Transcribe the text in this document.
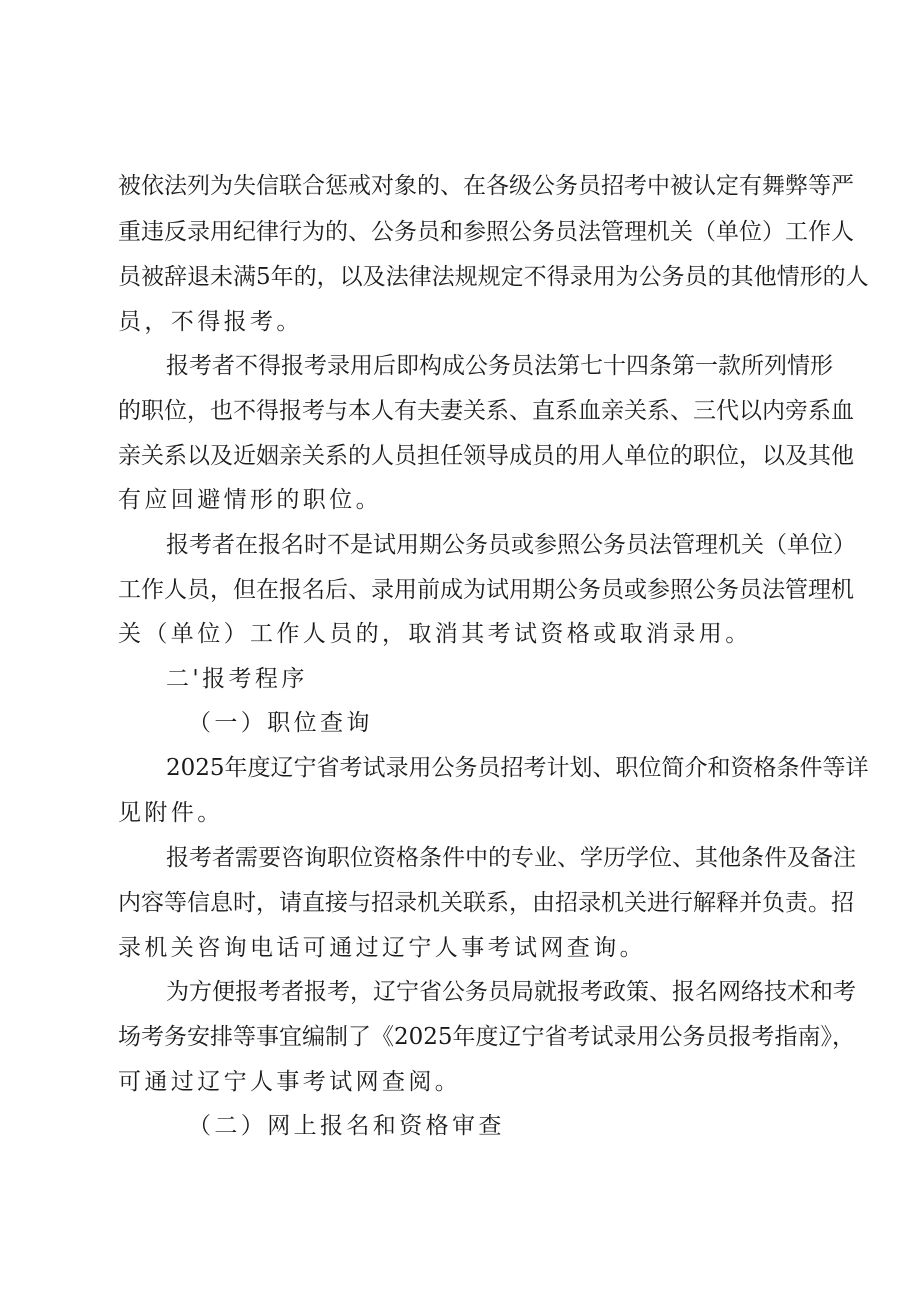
被依法列为失信联合惩戒对象的、在各级公务员招考中被认定有舞弊等严
重违反录用纪律行为的、公务员和参照公务员法管理机关（单位）工作人
员被辞退未满5年的，以及法律法规规定不得录用为公务员的其他情形的人
员，不得报考。
报考者不得报考录用后即构成公务员法第七十四条第一款所列情形
的职位，也不得报考与本人有夫妻关系、直系血亲关系、三代以内旁系血
亲关系以及近姻亲关系的人员担任领导成员的用人单位的职位，以及其他
有应回避情形的职位。
报考者在报名时不是试用期公务员或参照公务员法管理机关（单位）
工作人员，但在报名后、录用前成为试用期公务员或参照公务员法管理机
关（单位）工作人员的，取消其考试资格或取消录用。
二'报考程序
（一）职位查询
2025年度辽宁省考试录用公务员招考计划、职位简介和资格条件等详
见附件。
报考者需要咨询职位资格条件中的专业、学历学位、其他条件及备注
内容等信息时，请直接与招录机关联系，由招录机关进行解释并负责。招
录机关咨询电话可通过辽宁人事考试网查询。
为方便报考者报考，辽宁省公务员局就报考政策、报名网络技术和考
场考务安排等事宜编制了《2025年度辽宁省考试录用公务员报考指南》，
可通过辽宁人事考试网查阅。
（二）网上报名和资格审查
